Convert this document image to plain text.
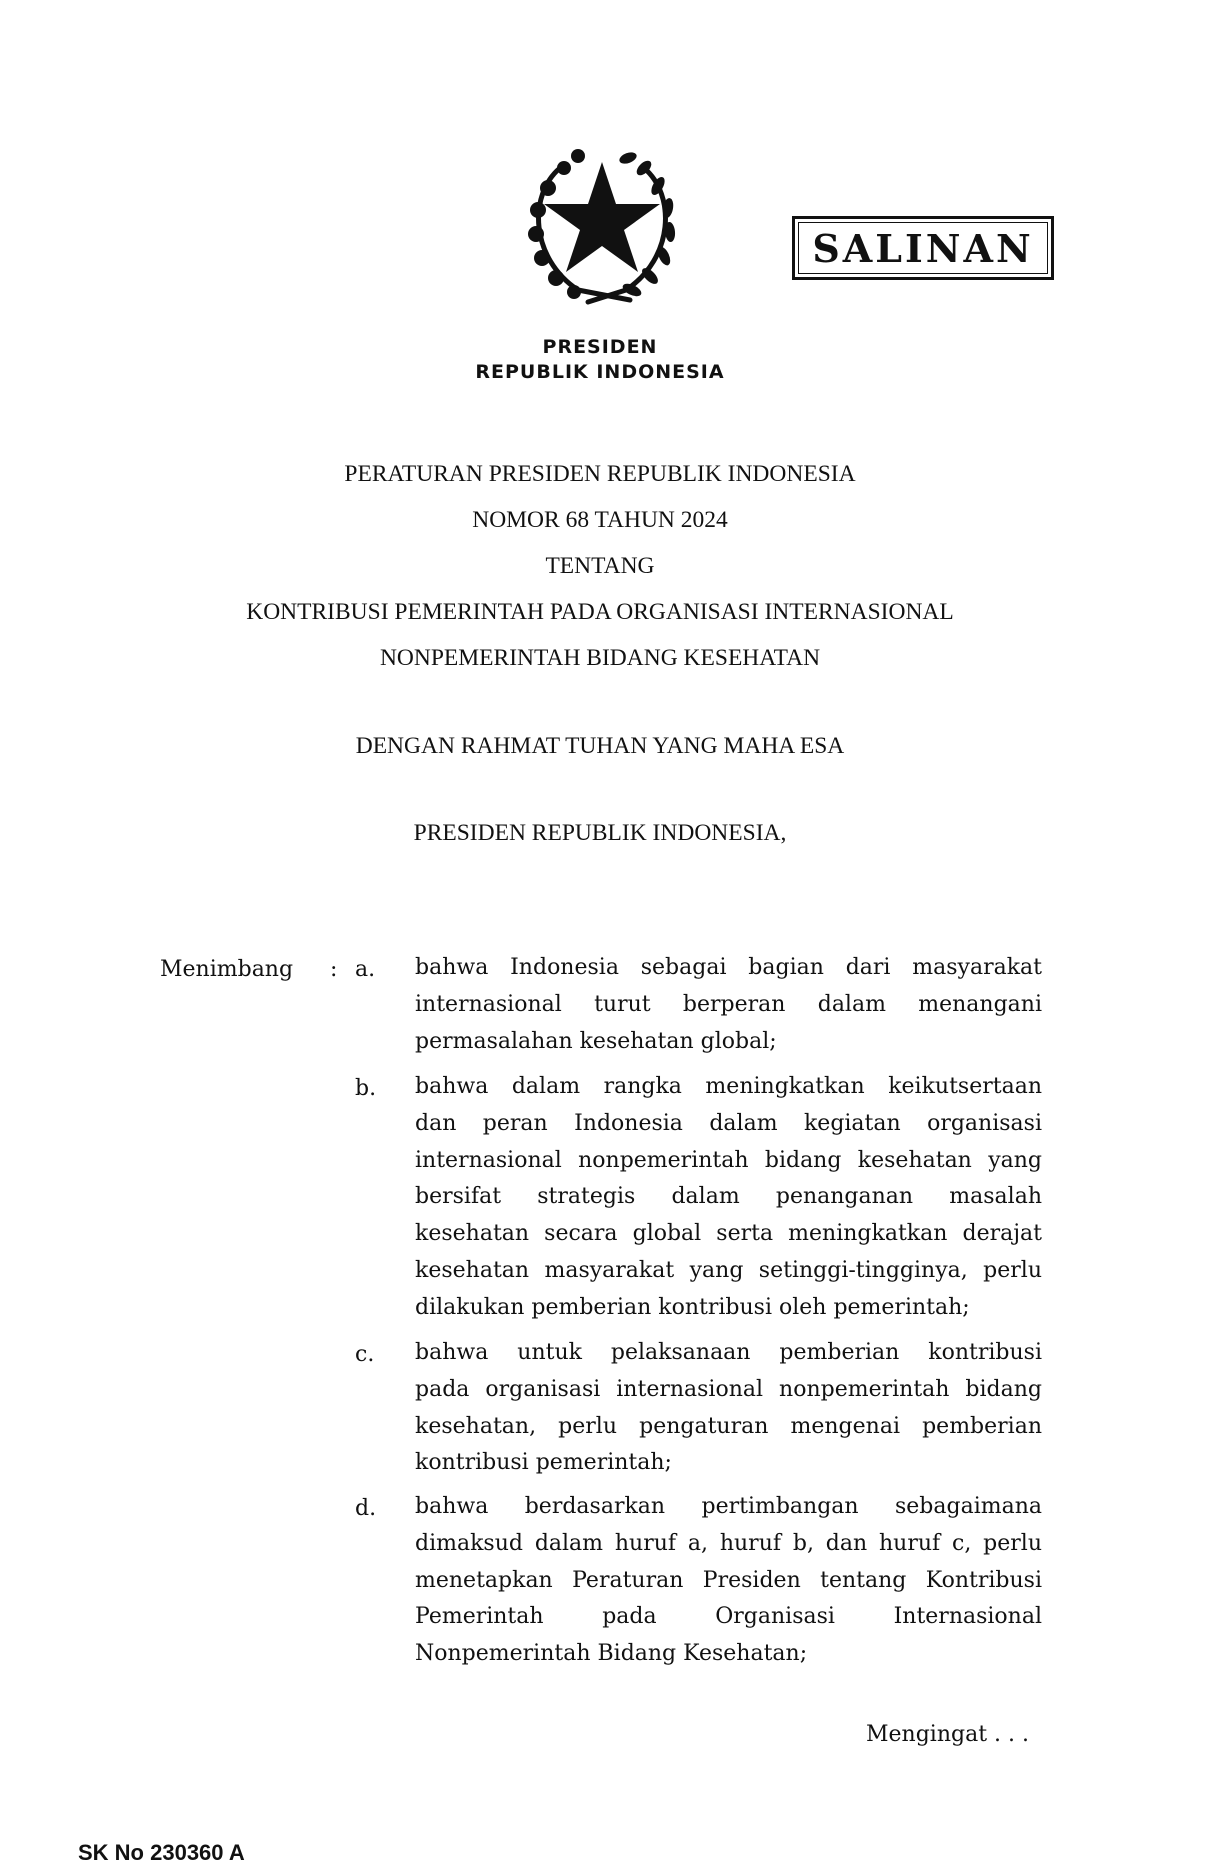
SALINAN
PRESIDEN
REPUBLIK INDONESIA
PERATURAN PRESIDEN REPUBLIK INDONESIA
NOMOR 68 TAHUN 2024
TENTANG
KONTRIBUSI PEMERINTAH PADA ORGANISASI INTERNASIONAL
NONPEMERINTAH BIDANG KESEHATAN
DENGAN RAHMAT TUHAN YANG MAHA ESA
PRESIDEN REPUBLIK INDONESIA,
Menimbang : a. bahwa Indonesia sebagai bagian dari masyarakat
internasional turut berperan dalam menangani
permasalahan kesehatan global;
b. bahwa dalam rangka meningkatkan keikutsertaan
dan peran Indonesia dalam kegiatan organisasi
internasional nonpemerintah bidang kesehatan yang
bersifat strategis dalam penanganan masalah
kesehatan secara global serta meningkatkan derajat
kesehatan masyarakat yang setinggi-tingginya, perlu
dilakukan pemberian kontribusi oleh pemerintah;
c. bahwa untuk pelaksanaan pemberian kontribusi
pada organisasi internasional nonpemerintah bidang
kesehatan, perlu pengaturan mengenai pemberian
kontribusi pemerintah;
d. bahwa berdasarkan pertimbangan sebagaimana
dimaksud dalam huruf a, huruf b, dan huruf c, perlu
menetapkan Peraturan Presiden tentang Kontribusi
Pemerintah pada Organisasi Internasional
Nonpemerintah Bidang Kesehatan;
Mengingat . . .
SK No 230360 A
